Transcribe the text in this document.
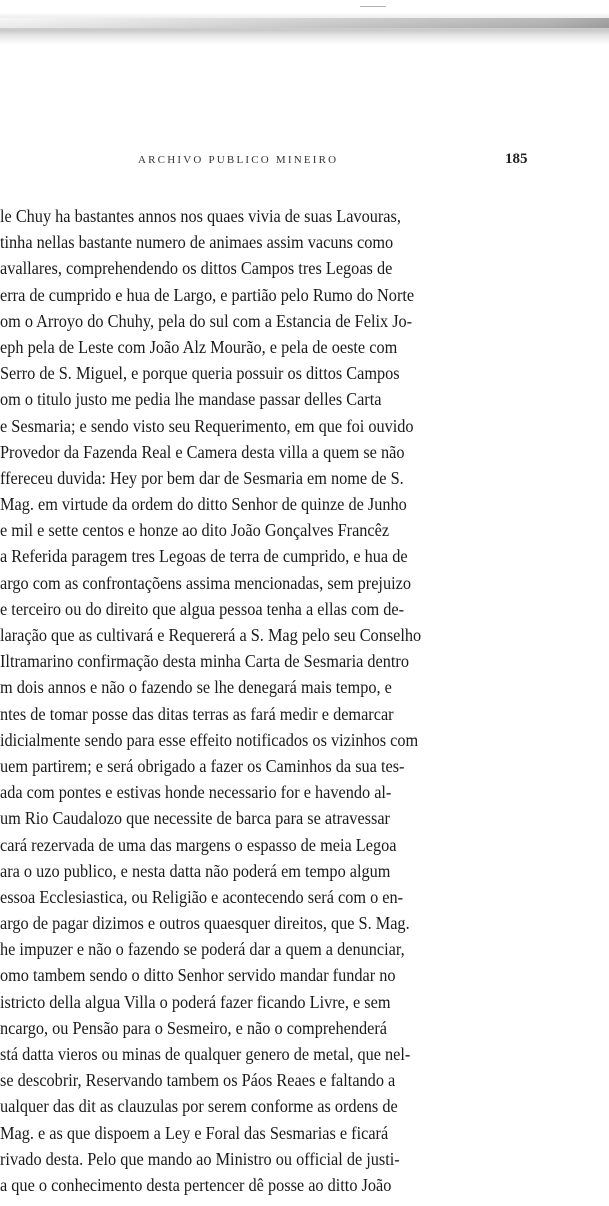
ARCHIVO PUBLICO MINEIRO	185
le Chuy ha bastantes annos nos quaes vivia de suas Lavouras,
tinha nellas bastante numero de animaes assim vacuns como
avallares, comprehendendo os dittos Campos tres Legoas de
erra de cumprido e hua de Largo, e partião pelo Rumo do Norte
om o Arroyo do Chuhy, pela do sul com a Estancia de Felix Jo-
eph pela de Leste com João Alz Mourão, e pela de oeste com
Serro de S. Miguel, e porque queria possuir os dittos Campos
om o titulo justo me pedia lhe mandase passar delles Carta
e Sesmaria; e sendo visto seu Requerimento, em que foi ouvido
Provedor da Fazenda Real e Camera desta villa a quem se não
ffereceu duvida: Hey por bem dar de Sesmaria em nome de S.
Mag. em virtude da ordem do ditto Senhor de quinze de Junho
e mil e sette centos e honze ao dito João Gonçalves Francêz
a Referida paragem tres Legoas de terra de cumprido, e hua de
argo com as confrontaçõens assima mencionadas, sem prejuizo
e terceiro ou do direito que algua pessoa tenha a ellas com de-
laração que as cultivará e Requererá a S. Mag pelo seu Conselho
Iltramarino confirmação desta minha Carta de Sesmaria dentro
m dois annos e não o fazendo se lhe denegará mais tempo, e
ntes de tomar posse das ditas terras as fará medir e demarcar
idicialmente sendo para esse effeito notificados os vizinhos com
uem partirem; e será obrigado a fazer os Caminhos da sua tes-
ada com pontes e estivas honde necessario for e havendo al-
um Rio Caudalozo que necessite de barca para se atravessar
cará rezervada de uma das margens o espasso de meia Legoa
ara o uzo publico, e nesta datta não poderá em tempo algum
essoa Ecclesiastica, ou Religião e acontecendo será com o en-
argo de pagar dizimos e outros quaesquer direitos, que S. Mag.
he impuzer e não o fazendo se poderá dar a quem a denunciar,
omo tambem sendo o ditto Senhor servido mandar fundar no
istricto della algua Villa o poderá fazer ficando Livre, e sem
ncargo, ou Pensão para o Sesmeiro, e não o comprehenderá
stá datta vieros ou minas de qualquer genero de metal, que nel-
se descobrir, Reservando tambem os Páos Reaes e faltando a
ualquer das dit as clauzulas por serem conforme as ordens de
Mag. e as que dispoem a Ley e Foral das Sesmarias e ficará
rivado desta. Pelo que mando ao Ministro ou official de justi-
a que o conhecimento desta pertencer dê posse ao ditto João
